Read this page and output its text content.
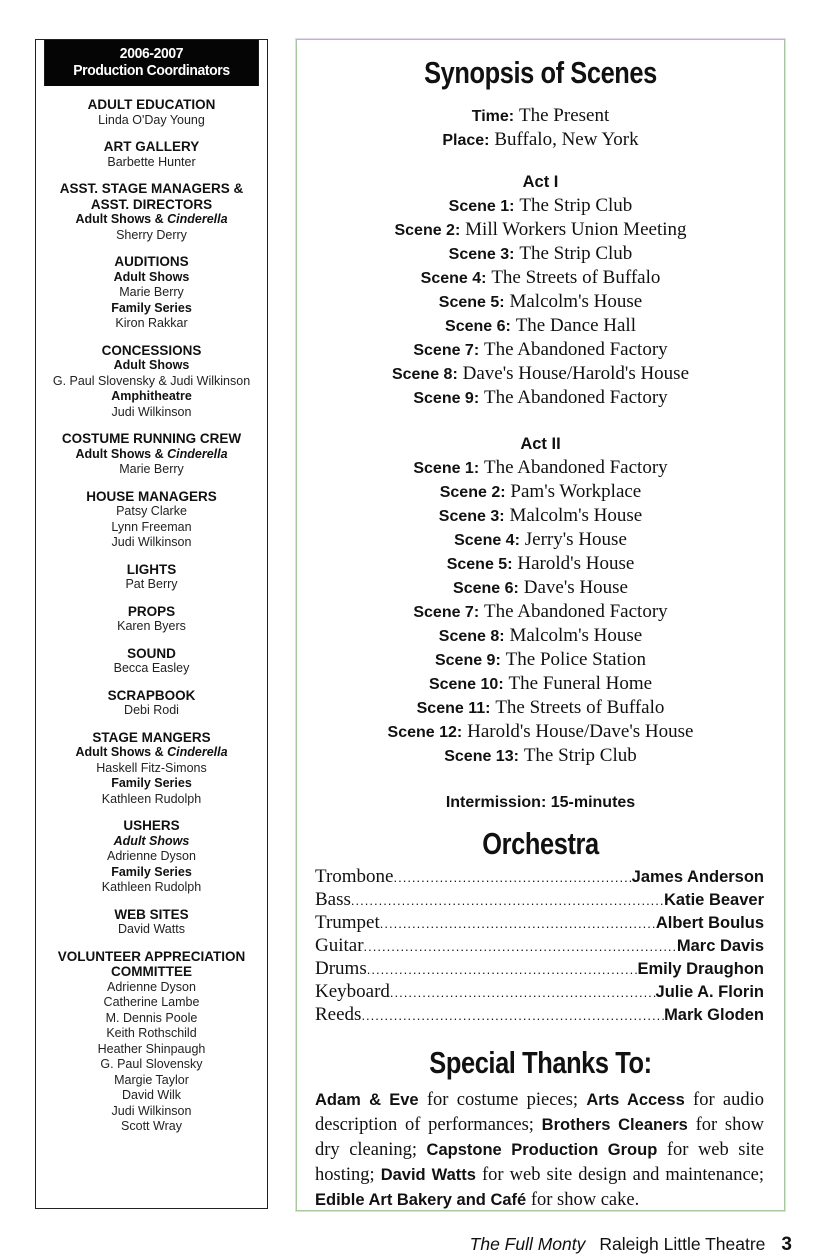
2006-2007
Production Coordinators
ADULT EDUCATION
Linda O'Day Young
ART GALLERY
Barbette Hunter
ASST. STAGE MANAGERS &
ASST. DIRECTORS
Adult Shows & Cinderella
Sherry Derry
AUDITIONS
Adult Shows
Marie Berry
Family Series
Kiron Rakkar
CONCESSIONS
Adult Shows
G. Paul Slovensky & Judi Wilkinson
Amphitheatre
Judi Wilkinson
COSTUME RUNNING CREW
Adult Shows & Cinderella
Marie Berry
HOUSE MANAGERS
Patsy Clarke
Lynn Freeman
Judi Wilkinson
LIGHTS
Pat Berry
PROPS
Karen Byers
SOUND
Becca Easley
SCRAPBOOK
Debi Rodi
STAGE MANGERS
Adult Shows & Cinderella
Haskell Fitz-Simons
Family Series
Kathleen Rudolph
USHERS
Adult Shows
Adrienne Dyson
Family Series
Kathleen Rudolph
WEB SITES
David Watts
VOLUNTEER APPRECIATION
COMMITTEE
Adrienne Dyson
Catherine Lambe
M. Dennis Poole
Keith Rothschild
Heather Shinpaugh
G. Paul Slovensky
Margie Taylor
David Wilk
Judi Wilkinson
Scott Wray
Synopsis of Scenes
Time: The Present
Place: Buffalo, New York
Act I
Scene 1: The Strip Club
Scene 2: Mill Workers Union Meeting
Scene 3: The Strip Club
Scene 4: The Streets of Buffalo
Scene 5: Malcolm's House
Scene 6: The Dance Hall
Scene 7: The Abandoned Factory
Scene 8: Dave's House/Harold's House
Scene 9: The Abandoned Factory
Act II
Scene 1: The Abandoned Factory
Scene 2: Pam's Workplace
Scene 3: Malcolm's House
Scene 4: Jerry's House
Scene 5: Harold's House
Scene 6: Dave's House
Scene 7: The Abandoned Factory
Scene 8: Malcolm's House
Scene 9: The Police Station
Scene 10: The Funeral Home
Scene 11: The Streets of Buffalo
Scene 12: Harold's House/Dave's House
Scene 13: The Strip Club
Intermission: 15-minutes
Orchestra
Trombone .....	James Anderson
Bass .....	Katie Beaver
Trumpet .....	Albert Boulus
Guitar .....	Marc Davis
Drums .....	Emily Draughon
Keyboard .....	Julie A. Florin
Reeds .....	Mark Gloden
Special Thanks To:
Adam & Eve for costume pieces; Arts Access for audio description of performances; Brothers Cleaners for show dry cleaning; Capstone Production Group for web site hosting; David Watts for web site design and maintenance; Edible Art Bakery and Café for show cake.
The Full Monty Raleigh Little Theatre 3
